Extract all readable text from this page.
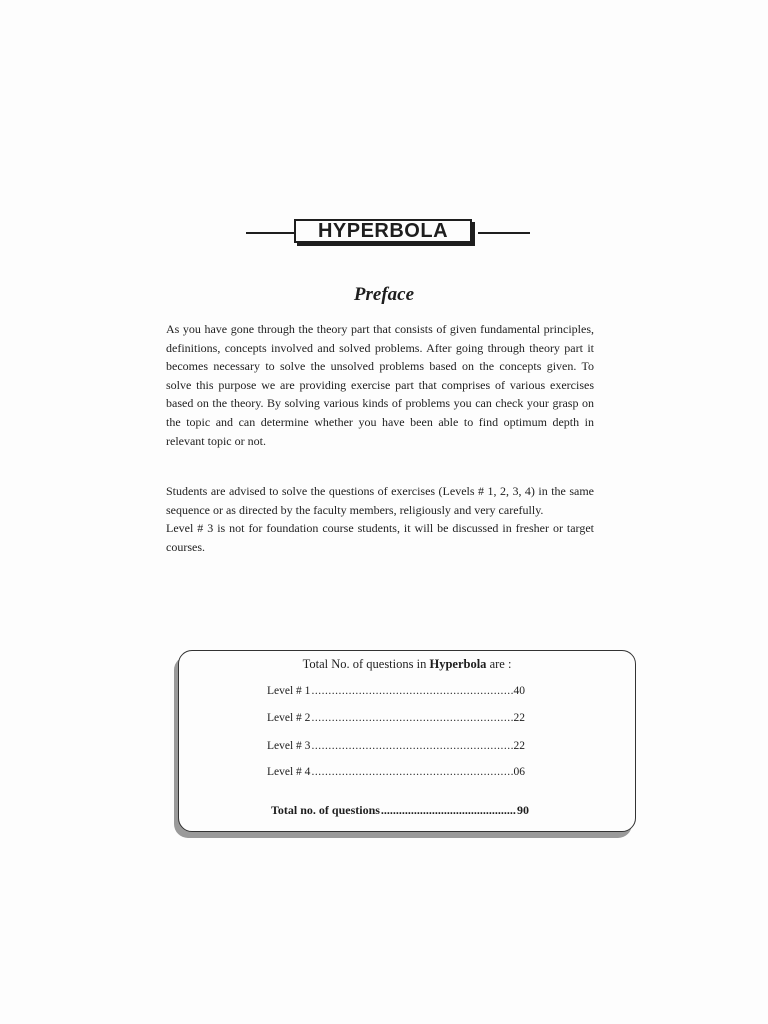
HYPERBOLA
Preface

As you have gone through the theory part that consists of given fundamental principles, definitions, concepts involved and solved problems. After going through theory part it becomes necessary to solve the unsolved problems based on the concepts given. To solve this purpose we are providing exercise part that comprises of various exercises based on the theory. By solving various kinds of problems you can check your grasp on the topic and can determine whether you have been able to find optimum depth in relevant topic or not.

Students are advised to solve the questions of exercises (Levels # 1, 2, 3, 4) in the same sequence or as directed by the faculty members, religiously and very carefully.
Level # 3 is not for foundation course students, it will be discussed in fresher or target courses.

Total No. of questions in Hyperbola are :
Level # 1 .....	40
Level # 2 .....	22
Level # 3 .....	22
Level # 4 .....	06
Total no. of questions .....	90
